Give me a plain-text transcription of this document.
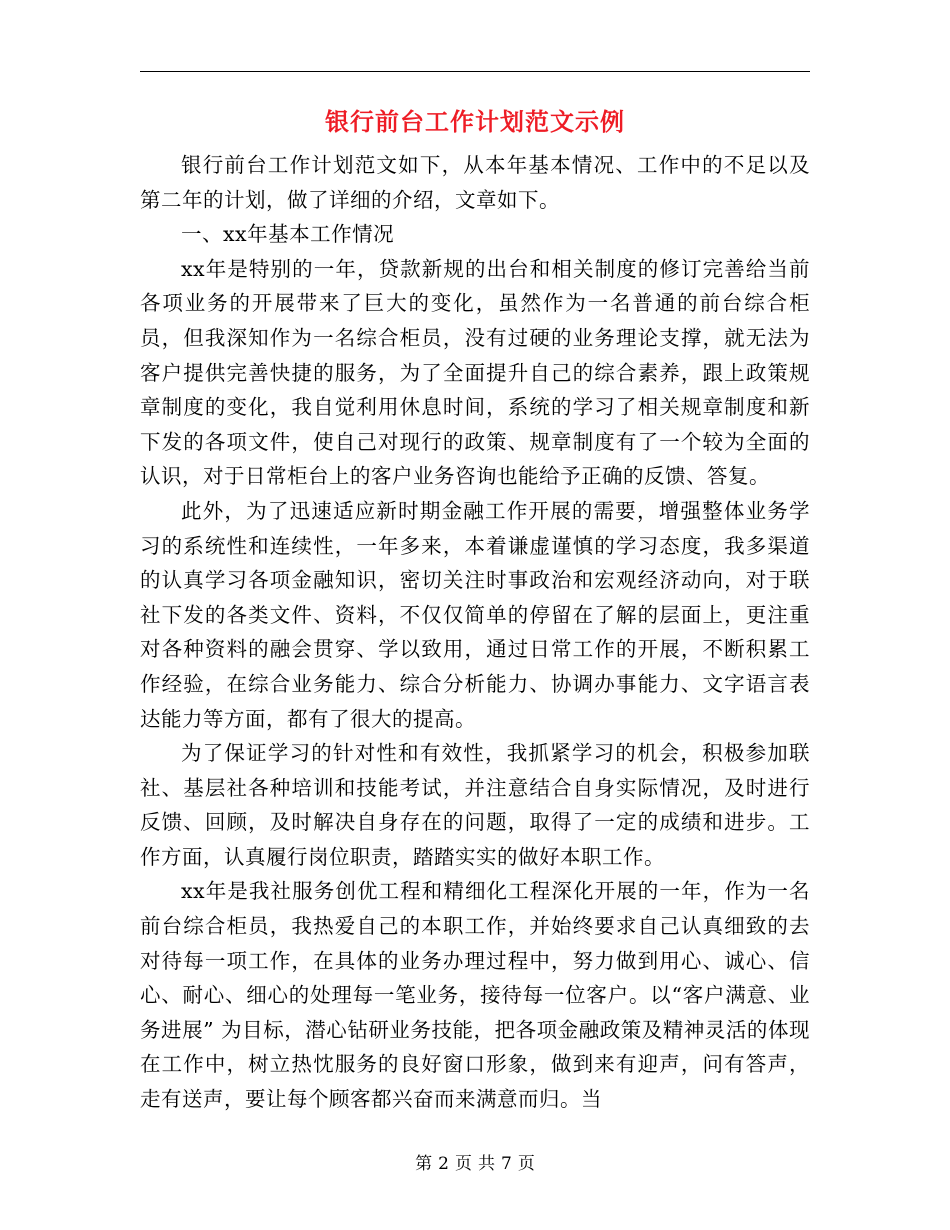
银行前台工作计划范文示例

银行前台工作计划范文如下，从本年基本情况、工作中的不足以及第二年的计划，做了详细的介绍，文章如下。

一、xx年基本工作情况

xx年是特别的一年，贷款新规的出台和相关制度的修订完善给当前各项业务的开展带来了巨大的变化，虽然作为一名普通的前台综合柜员，但我深知作为一名综合柜员，没有过硬的业务理论支撑，就无法为客户提供完善快捷的服务，为了全面提升自己的综合素养，跟上政策规章制度的变化，我自觉利用休息时间，系统的学习了相关规章制度和新下发的各项文件，使自己对现行的政策、规章制度有了一个较为全面的认识，对于日常柜台上的客户业务咨询也能给予正确的反馈、答复。

此外，为了迅速适应新时期金融工作开展的需要，增强整体业务学习的系统性和连续性，一年多来，本着谦虚谨慎的学习态度，我多渠道的认真学习各项金融知识，密切关注时事政治和宏观经济动向，对于联社下发的各类文件、资料，不仅仅简单的停留在了解的层面上，更注重对各种资料的融会贯穿、学以致用，通过日常工作的开展，不断积累工作经验，在综合业务能力、综合分析能力、协调办事能力、文字语言表达能力等方面，都有了很大的提高。

为了保证学习的针对性和有效性，我抓紧学习的机会，积极参加联社、基层社各种培训和技能考试，并注意结合自身实际情况，及时进行反馈、回顾，及时解决自身存在的问题，取得了一定的成绩和进步。工作方面，认真履行岗位职责，踏踏实实的做好本职工作。

xx年是我社服务创优工程和精细化工程深化开展的一年，作为一名前台综合柜员，我热爱自己的本职工作，并始终要求自己认真细致的去对待每一项工作，在具体的业务办理过程中，努力做到用心、诚心、信心、耐心、细心的处理每一笔业务，接待每一位客户。以“客户满意、业务进展” 为目标，潜心钻研业务技能，把各项金融政策及精神灵活的体现在工作中，树立热忱服务的良好窗口形象，做到来有迎声，问有答声，走有送声，要让每个顾客都兴奋而来满意而归。当

第 2 页 共 7 页
